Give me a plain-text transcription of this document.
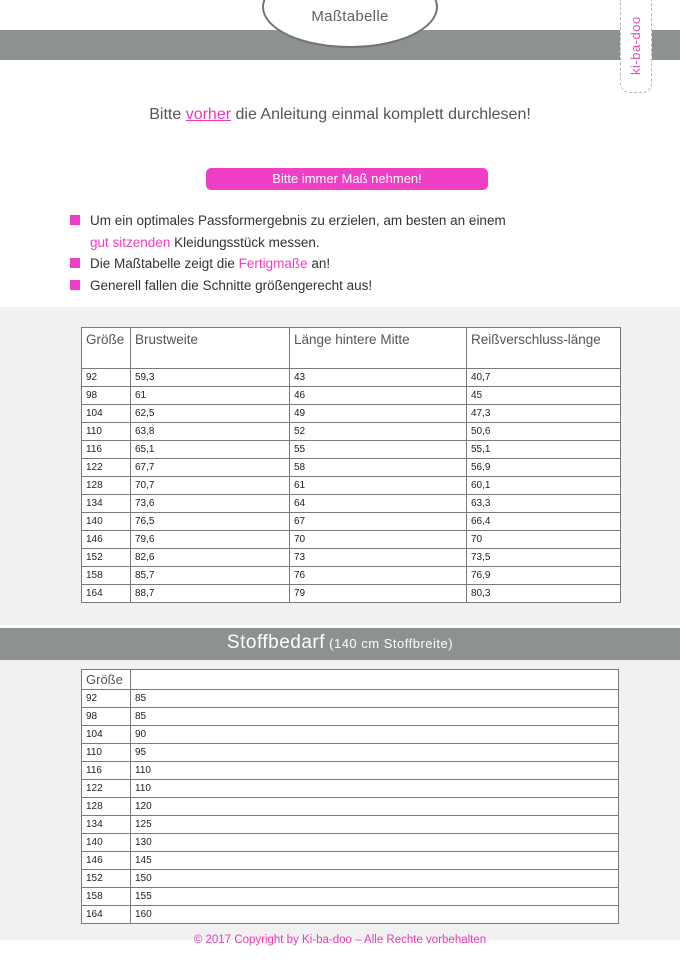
Maßtabelle
ki-ba-doo
Bitte vorher die Anleitung einmal komplett durchlesen!
Bitte immer Maß nehmen!
Um ein optimales Passformergebnis zu erzielen, am besten an einem
gut sitzenden Kleidungsstück messen.
Die Maßtabelle zeigt die Fertigmaße an!
Generell fallen die Schnitte größengerecht aus!
Größe	Brustweite	Länge hintere Mitte	Reißverschluss-länge
92	59,3	43	40,7
98	61	46	45
104	62,5	49	47,3
110	63,8	52	50,6
116	65,1	55	55,1
122	67,7	58	56,9
128	70,7	61	60,1
134	73,6	64	63,3
140	76,5	67	66,4
146	79,6	70	70
152	82,6	73	73,5
158	85,7	76	76,9
164	88,7	79	80,3
Stoffbedarf (140 cm Stoffbreite)
Größe	
92	85
98	85
104	90
110	95
116	110
122	110
128	120
134	125
140	130
146	145
152	150
158	155
164	160
© 2017 Copyright by Ki-ba-doo – Alle Rechte vorbehalten
